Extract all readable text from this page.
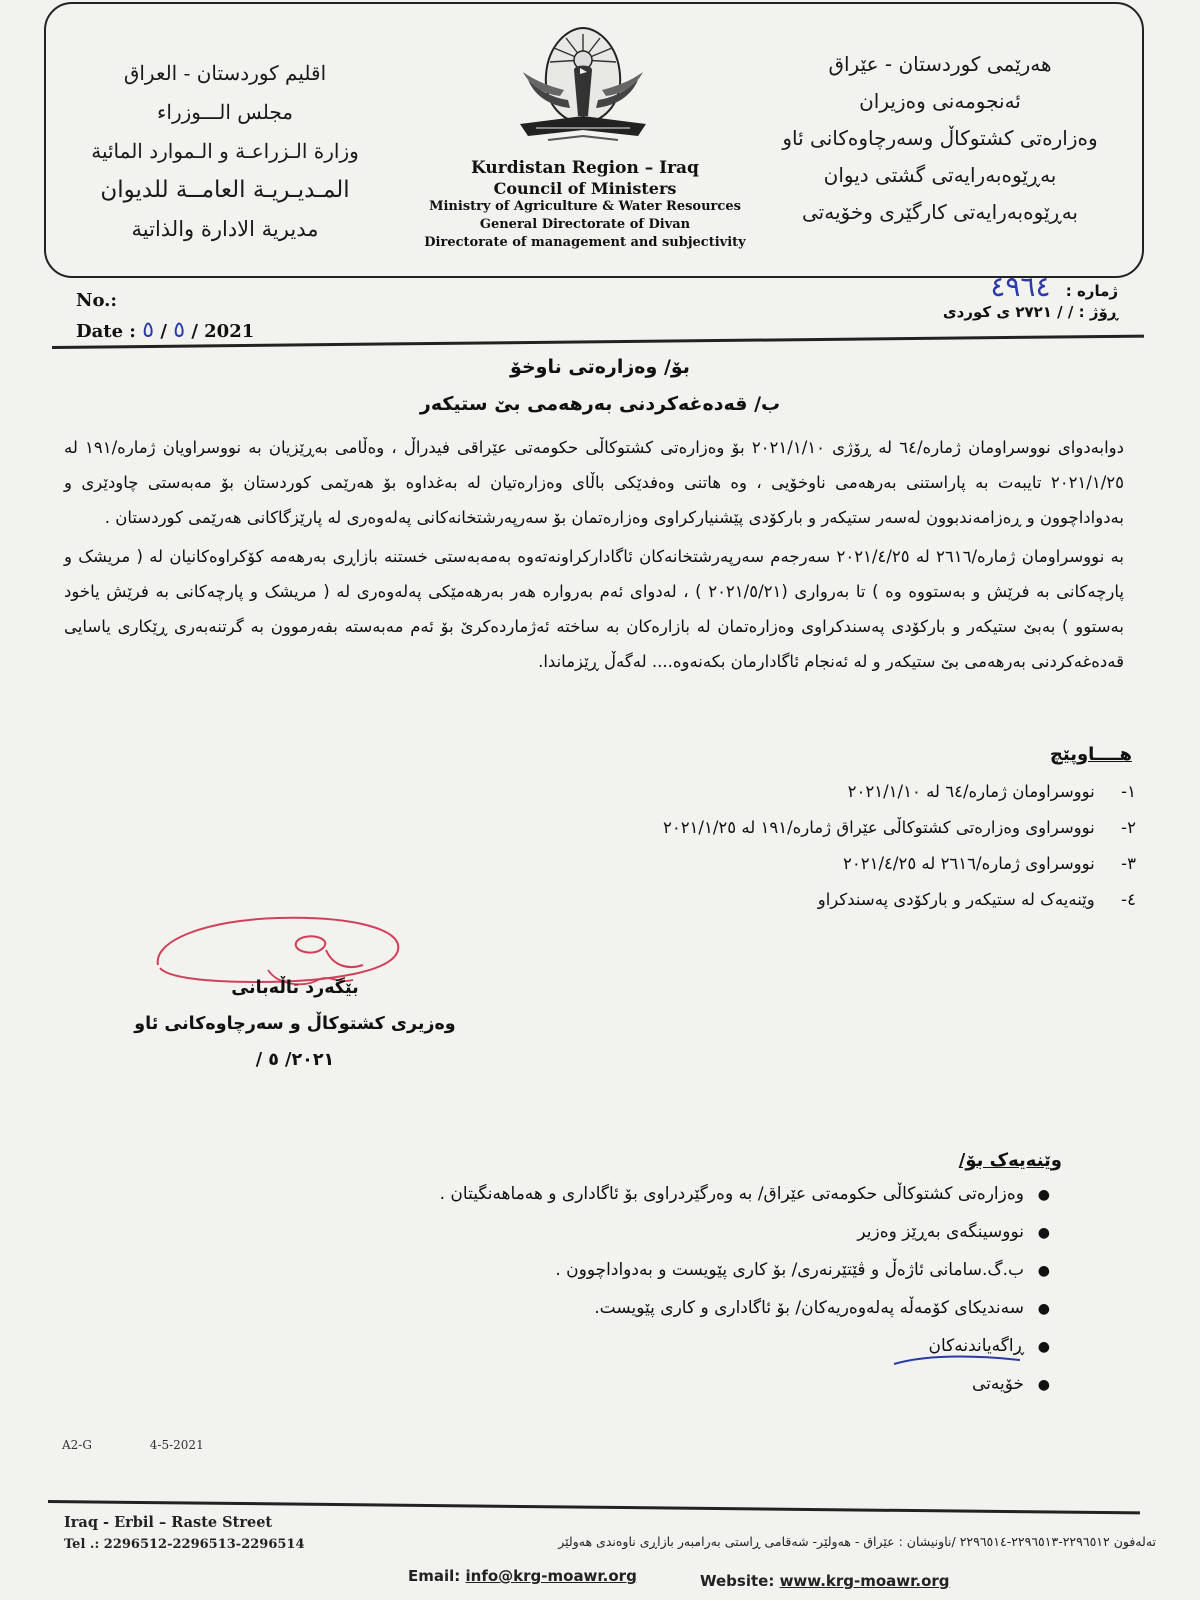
هەرێمی کوردستان - عێراق
ئەنجومەنی وەزیران
وەزارەتی کشتوکاڵ وسەرچاوەکانی ئاو
بەڕێوەبەرایەتی گشتی دیوان
بەڕێوەبەرایەتی کارگێری وخۆیەتی
اقليم كوردستان - العراق
مجلس الـــوزراء
وزارة الـزراعـة و الـموارد المائية
المـديـريـة العامــة للديوان
مديرية الادارة والذاتية
Kurdistan Region – Iraq
Council of Ministers
Ministry of Agriculture & Water Resources
General Directorate of Divan
Directorate of management and subjectivity
No.:
Date : ٥ / ٥ / 2021
ژمارە : ٤٩٦٤
ڕۆژ : / / ٢٧٢١ ی كوردی
بۆ/ وەزارەتی ناوخۆ
ب/ قەدەغەکردنی بەرهەمی بێ ستیکەر

دوابەدوای نووسراومان ژمارە/٦٤ لە ڕۆژی ٢٠٢١/١/١٠ بۆ وەزارەتی کشتوکاڵی حکومەتی عێراقی فیدراڵ ، وەڵامی بەڕێزیان بە نووسراویان ژمارە/١٩١ لە ٢٠٢١/١/٢٥ تایبەت بە پاراستنی بەرهەمی ناوخۆیی ، وە هاتنی وەفدێکی باڵای وەزارەتیان لە بەغداوە بۆ هەرێمی کوردستان بۆ مەبەستی چاودێری و بەدواداچوون و ڕەزامەندبوون لەسەر ستیکەر و بارکۆدی پێشنیارکراوی وەزارەتمان بۆ سەرپەرشتخانەکانی پەلەوەری لە پارێزگاکانی هەرێمی کوردستان .

بە نووسراومان ژمارە/٢٦١٦ لە ٢٠٢١/٤/٢٥ سەرجەم سەرپەرشتخانەکان ئاگادارکراونەتەوە بەمەبەستی خستنە بازاڕی بەرهەمە کۆکراوەکانیان لە ( مریشک و پارچەکانی بە فرێش و بەستووە وە ) تا بەرواری (٢٠٢١/٥/٢١ ) ، لەدوای ئەم بەرواره هەر بەرهەمێکی پەلەوەری لە ( مریشک و پارچەکانی بە فرێش یاخود بەستوو ) بەبێ ستیکەر و بارکۆدی پەسندکراوی وەزارەتمان لە بازارەکان بە ساختە ئەژماردەکرێ بۆ ئەم مەبەستە بفەرموون بە گرتنەبەری ڕێکاری یاسایی قەدەغەکردنی بەرهەمی بێ ستیکەر و لە ئەنجام ئاگادارمان بکەنەوە.... لەگەڵ ڕێزماندا.

هــــاوپێچ
١- نووسراومان ژمارە/٦٤ لە ٢٠٢١/١/١٠
٢- نووسراوی وەزارەتی کشتوکاڵی عێراق ژمارە/١٩١ لە ٢٠٢١/١/٢٥
٣- نووسراوی ژمارە/٢٦١٦ لە ٢٠٢١/٤/٢٥
٤- وێنەیەک لە ستیکەر و بارکۆدی پەسندکراو
بێگەرد تاڵەبانی
وەزیری کشتوکاڵ و سەرچاوەکانی ئاو
٢٠٢١/ ٥ /
وێنەیەک بۆ/
●وەزارەتی کشتوکاڵی حکومەتی عێراق/ بە وەرگێردراوی بۆ ئاگاداری و هەماهەنگیتان .
●نووسینگەی بەڕێز وەزیر
●ب.گ.سامانی ئاژەڵ و ڤێتێرنەری/ بۆ کاری پێویست و بەدواداچوون .
●سەندیکای کۆمەڵە پەلەوەریەکان/ بۆ ئاگاداری و کاری پێویست.
●ڕاگەیاندنەکان
●خۆیەتی
A2-G	4-5-2021
Iraq - Erbil – Raste Street
Tel .: 2296512-2296513-2296514	تەلەفون ٢٢٩٦٥١٢-٢٢٩٦٥١٣-٢٢٩٦٥١٤ /ناونیشان : عێراق - هەولێر- شەقامی ڕاستی بەرامبەر بازاڕی ناوەندی هەولێر
Email: info@krg-moawr.org	Website: www.krg-moawr.org
